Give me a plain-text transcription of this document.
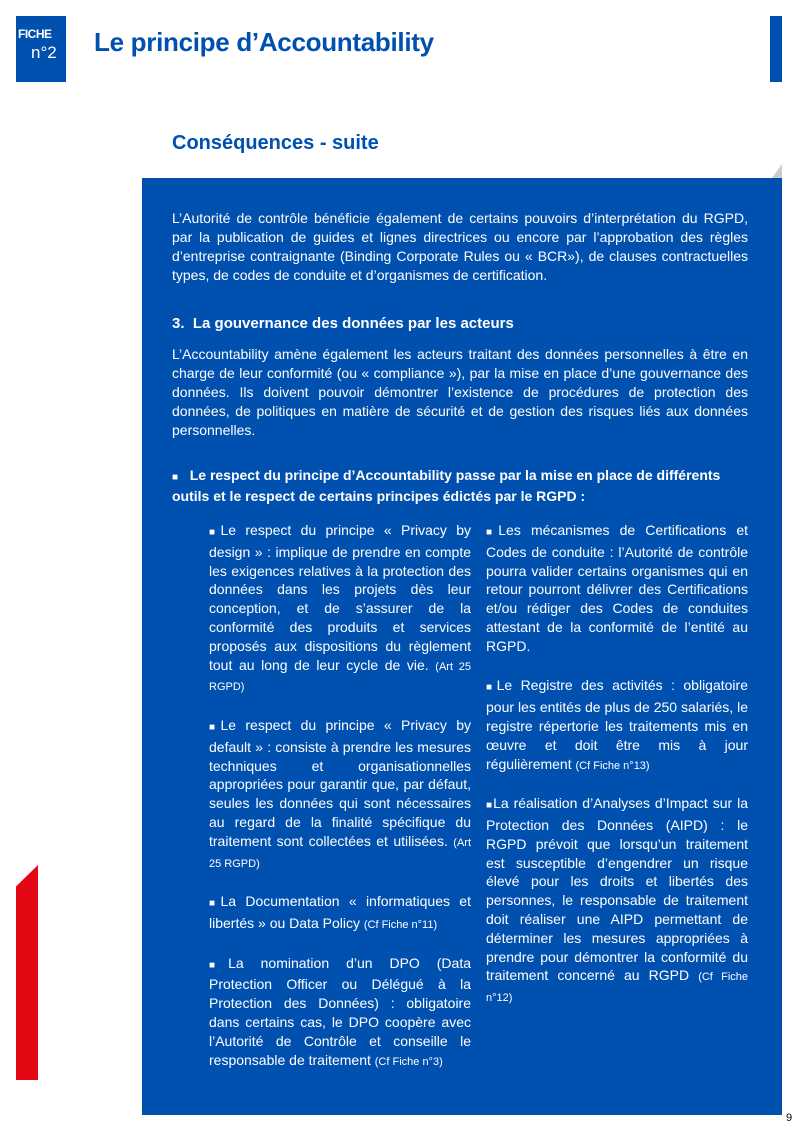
FICHE
n°2 Le principe d’Accountability
Conséquences - suite
L’Autorité de contrôle bénéficie également de certains pouvoirs d’interprétation du RGPD, par la publication de guides et lignes directrices ou encore par l’approbation des règles d’entreprise contraignante (Binding Corporate Rules ou « BCR»), de clauses contractuelles types, de codes de conduite et d’organismes de certification.
3. La gouvernance des données par les acteurs
L’Accountability amène également les acteurs traitant des données personnelles à être en charge de leur conformité (ou « compliance »), par la mise en place d’une gouvernance des données. Ils doivent pouvoir démontrer l’existence de procédures de protection des données, de politiques en matière de sécurité et de gestion des risques liés aux données personnelles.
■ Le respect du principe d’Accountability passe par la mise en place de différents outils et le respect de certains principes édictés par le RGPD :
■Le respect du principe « Privacy by design » : implique de prendre en compte les exigences relatives à la protection des données dans les projets dès leur conception, et de s’assurer de la conformité des produits et services proposés aux dispositions du règlement tout au long de leur cycle de vie. (Art 25 RGPD)
■Le respect du principe « Privacy by default » : consiste à prendre les mesures techniques et organisationnelles appropriées pour garantir que, par défaut, seules les données qui sont nécessaires au regard de la finalité spécifique du traitement sont collectées et utilisées. (Art 25 RGPD)
■La Documentation « informatiques et libertés » ou Data Policy (Cf Fiche n°11)
■La nomination d’un DPO (Data Protection Officer ou Délégué à la Protection des Données) : obligatoire dans certains cas, le DPO coopère avec l’Autorité de Contrôle et conseille le responsable de traitement (Cf Fiche n°3)
■Les mécanismes de Certifications et Codes de conduite : l’Autorité de contrôle pourra valider certains organismes qui en retour pourront délivrer des Certifications et/ou rédiger des Codes de conduites attestant de la conformité de l’entité au RGPD.
■Le Registre des activités : obligatoire pour les entités de plus de 250 salariés, le registre répertorie les traitements mis en œuvre et doit être mis à jour régulièrement (Cf Fiche n°13)
■La réalisation d’Analyses d’Impact sur la Protection des Données (AIPD) : le RGPD prévoit que lorsqu’un traitement est susceptible d’engendrer un risque élevé pour les droits et libertés des personnes, le responsable de traitement doit réaliser une AIPD permettant de déterminer les mesures appropriées à prendre pour démontrer la conformité du traitement concerné au RGPD (Cf Fiche n°12)
9
